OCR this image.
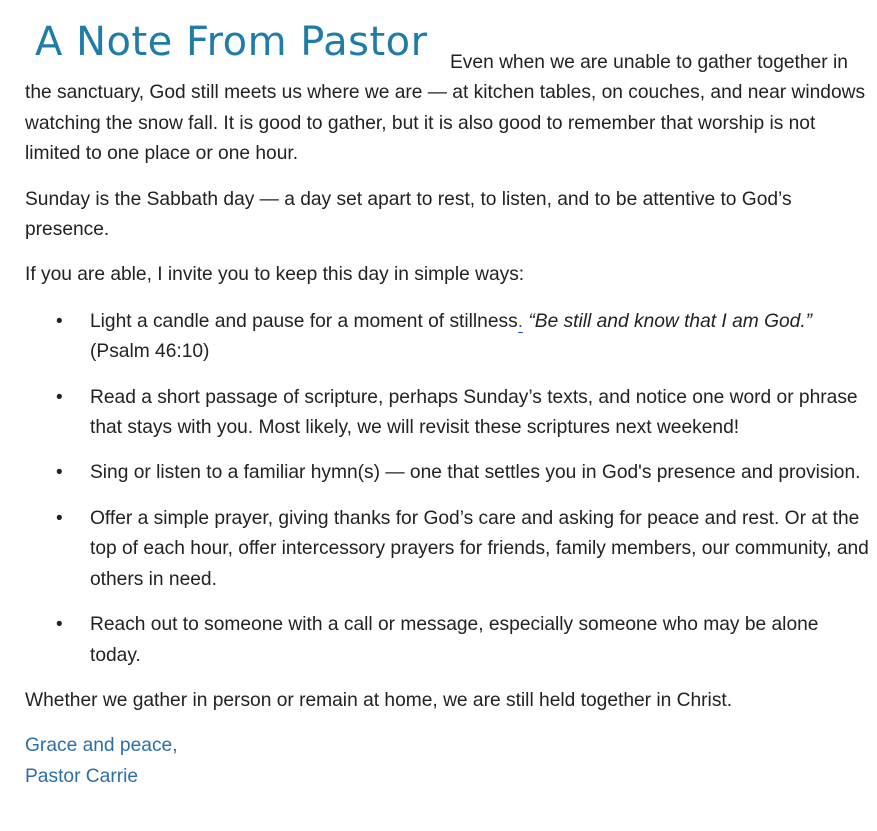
A Note From Pastor	Even when we are unable to gather together in the sanctuary, God still meets us where we are — at kitchen tables, on couches, and near windows watching the snow fall. It is good to gather, but it is also good to remember that worship is not limited to one place or one hour.

Sunday is the Sabbath day — a day set apart to rest, to listen, and to be attentive to God’s presence.

If you are able, I invite you to keep this day in simple ways:

• Light a candle and pause for a moment of stillness. “Be still and know that I am God.” (Psalm 46:10)
• Read a short passage of scripture, perhaps Sunday’s texts, and notice one word or phrase that stays with you. Most likely, we will revisit these scriptures next weekend!
• Sing or listen to a familiar hymn(s) — one that settles you in God's presence and provision.
• Offer a simple prayer, giving thanks for God’s care and asking for peace and rest. Or at the top of each hour, offer intercessory prayers for friends, family members, our community, and others in need.
• Reach out to someone with a call or message, especially someone who may be alone today.

Whether we gather in person or remain at home, we are still held together in Christ.

Grace and peace,
Pastor Carrie
